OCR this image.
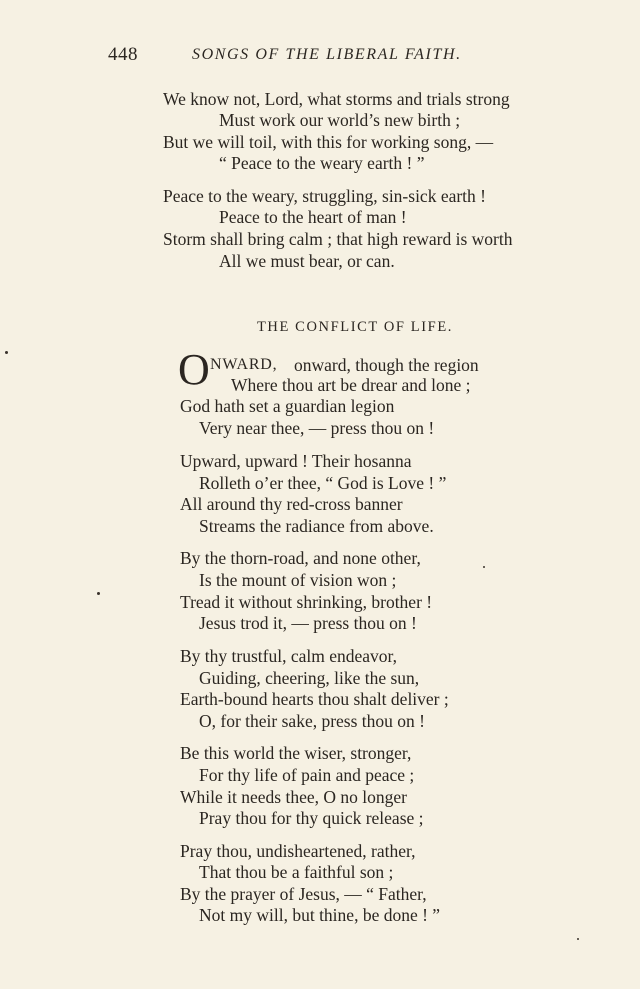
448	SONGS OF THE LIBERAL FAITH.
We know not, Lord, what storms and trials strong
Must work our world’s new birth ;
But we will toil, with this for working song, —
“ Peace to the weary earth ! ”
Peace to the weary, struggling, sin-sick earth !
Peace to the heart of man !
Storm shall bring calm ; that high reward is worth
All we must bear, or can.
THE CONFLICT OF LIFE.
O NWARD, onward, though the region
Where thou art be drear and lone ;
God hath set a guardian legion
Very near thee, — press thou on !
Upward, upward ! Their hosanna
Rolleth o’er thee, “ God is Love ! ”
All around thy red-cross banner
Streams the radiance from above.
By the thorn-road, and none other,
Is the mount of vision won ;
Tread it without shrinking, brother !
Jesus trod it, — press thou on !
By thy trustful, calm endeavor,
Guiding, cheering, like the sun,
Earth-bound hearts thou shalt deliver ;
O, for their sake, press thou on !
Be this world the wiser, stronger,
For thy life of pain and peace ;
While it needs thee, O no longer
Pray thou for thy quick release ;
Pray thou, undisheartened, rather,
That thou be a faithful son ;
By the prayer of Jesus, — “ Father,
Not my will, but thine, be done ! ”
